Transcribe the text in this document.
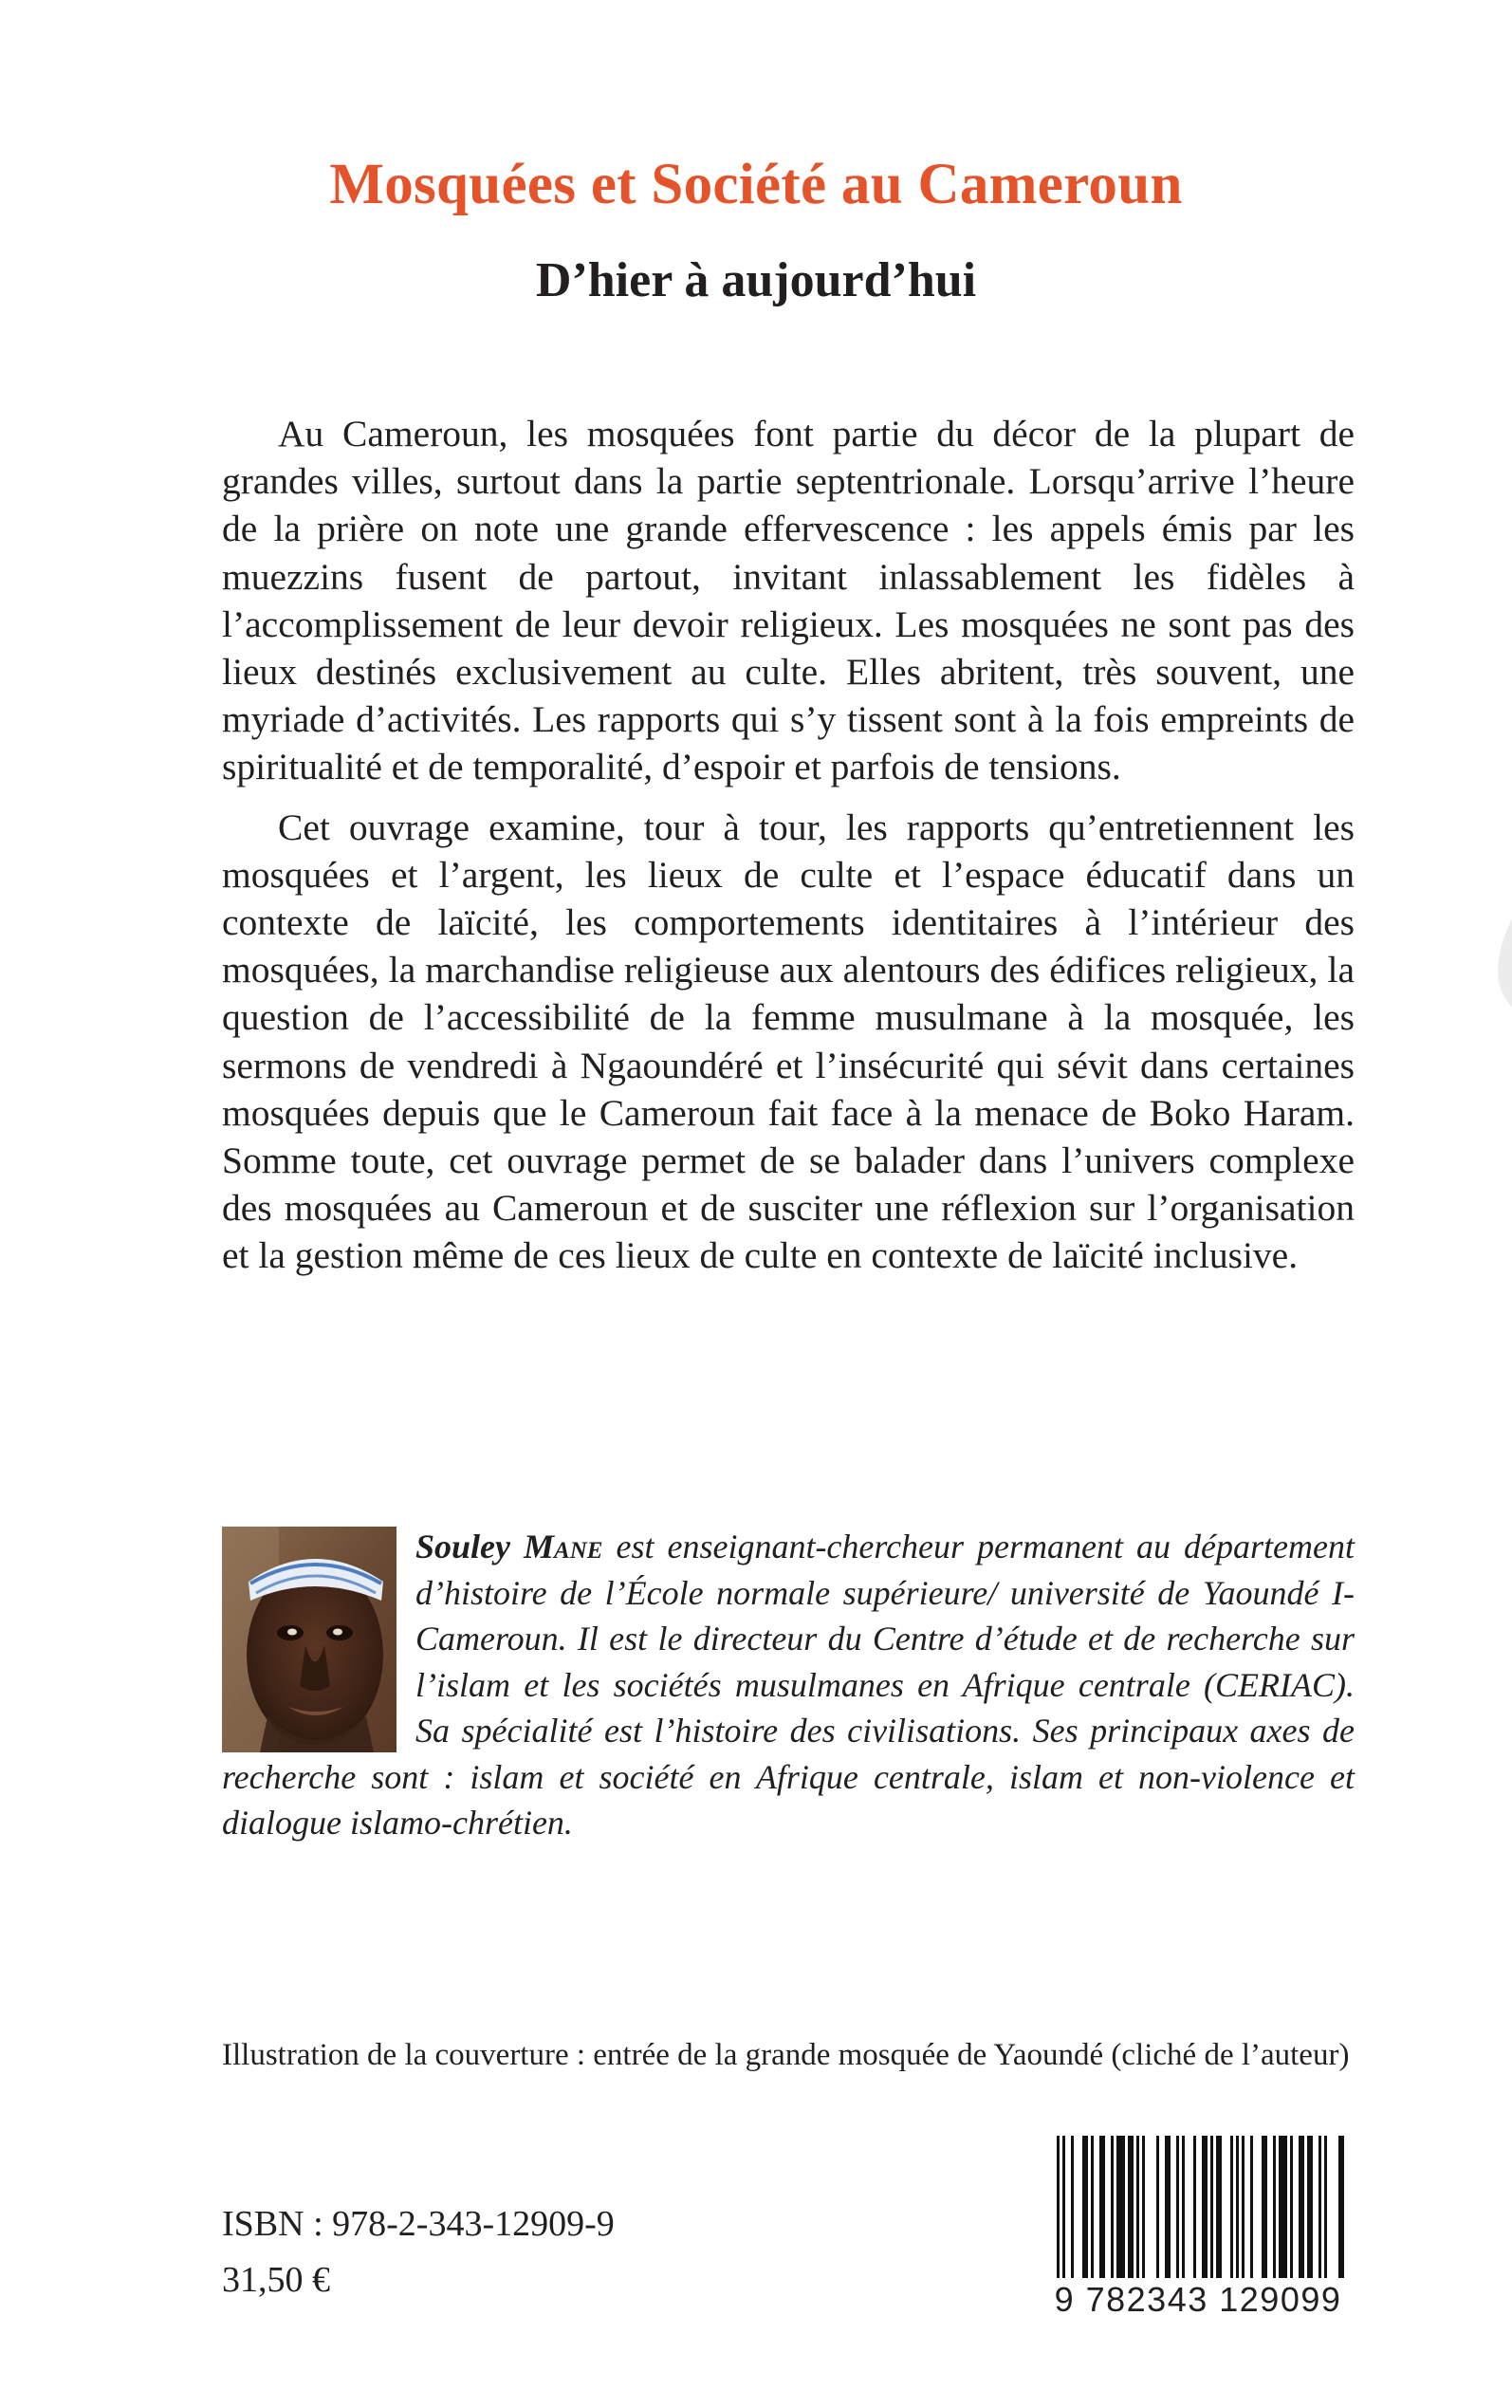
Mosquées et Société au Cameroun
D’hier à aujourd’hui

Au Cameroun, les mosquées font partie du décor de la plupart de grandes villes, surtout dans la partie septentrionale. Lorsqu’arrive l’heure de la prière on note une grande effervescence : les appels émis par les muezzins fusent de partout, invitant inlassablement les fidèles à l’accomplissement de leur devoir religieux. Les mosquées ne sont pas des lieux destinés exclusivement au culte. Elles abritent, très souvent, une myriade d’activités. Les rapports qui s’y tissent sont à la fois empreints de spiritualité et de temporalité, d’espoir et parfois de tensions.

Cet ouvrage examine, tour à tour, les rapports qu’entretiennent les mosquées et l’argent, les lieux de culte et l’espace éducatif dans un contexte de laïcité, les comportements identitaires à l’intérieur des mosquées, la marchandise religieuse aux alentours des édifices religieux, la question de l’accessibilité de la femme musulmane à la mosquée, les sermons de vendredi à Ngaoundéré et l’insécurité qui sévit dans certaines mosquées depuis que le Cameroun fait face à la menace de Boko Haram. Somme toute, cet ouvrage permet de se balader dans l’univers complexe des mosquées au Cameroun et de susciter une réflexion sur l’organisation et la gestion même de ces lieux de culte en contexte de laïcité inclusive.

Souley Mane est enseignant-chercheur permanent au département d’histoire de l’École normale supérieure/ université de Yaoundé I-Cameroun. Il est le directeur du Centre d’étude et de recherche sur l’islam et les sociétés musulmanes en Afrique centrale (CERIAC). Sa spécialité est l’histoire des civilisations. Ses principaux axes de recherche sont : islam et société en Afrique centrale, islam et non-violence et dialogue islamo-chrétien.

Illustration de la couverture : entrée de la grande mosquée de Yaoundé (cliché de l’auteur)

ISBN : 978-2-343-12909-9

31,50 €	9 782343 129099
